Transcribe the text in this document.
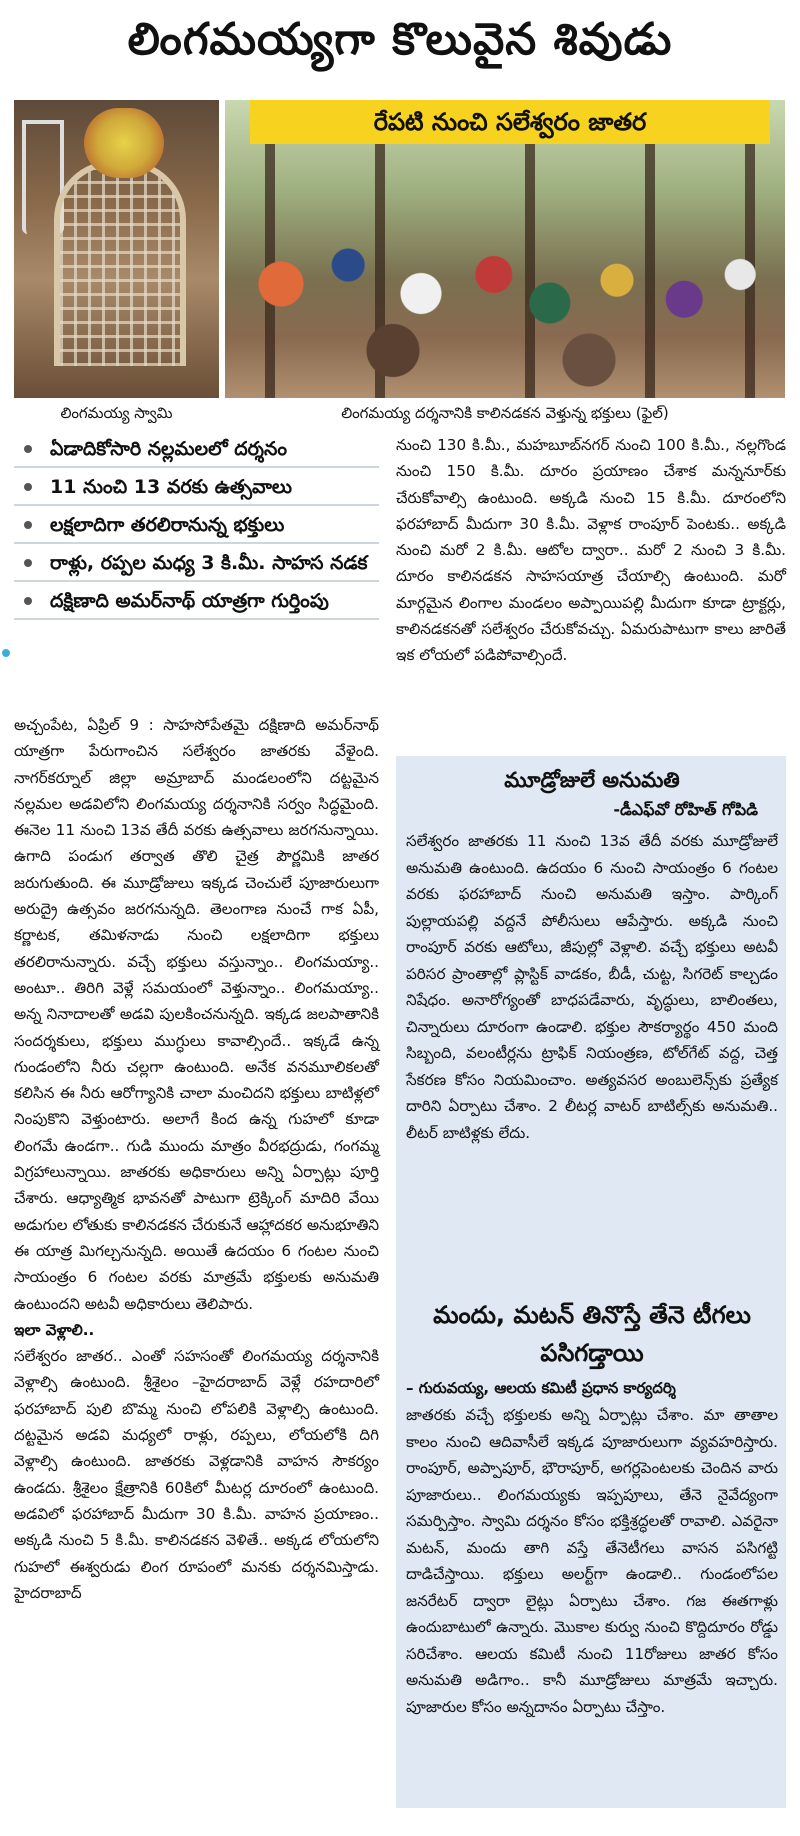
లింగమయ్యగా కొలువైన శివుడు
రేపటి నుంచి సలేశ్వరం జాతర
లింగమయ్య స్వామి	లింగమయ్య దర్శనానికి కాలినడకన వెళ్తున్న భక్తులు (ఫైల్)
ఏడాదికోసారి నల్లమలలో దర్శనం
11 నుంచి 13 వరకు ఉత్సవాలు
లక్షలాదిగా తరలిరానున్న భక్తులు
రాళ్లు, రప్పల మధ్య 3 కి.మీ. సాహస నడక
దక్షిణాది అమర్‌నాథ్ యాత్రగా గుర్తింపు

అచ్చంపేట, ఏప్రిల్ 9 : సాహసోపేతమై దక్షిణాది అమర్‌నాథ్ యాత్రగా పేరుగాంచిన సలేశ్వరం జాతరకు వేళైంది. నాగర్‌కర్నూల్ జిల్లా అమ్రాబాద్ మండలంలోని దట్టమైన నల్లమల అడవిలోని లింగమయ్య దర్శనానికి సర్వం సిద్ధమైంది. ఈనెల 11 నుంచి 13వ తేదీ వరకు ఉత్సవాలు జరగనున్నాయి. ఉగాది పండుగ తర్వాత తొలి చైత్ర పౌర్ణమికి జాతర జరుగుతుంది. ఈ మూడ్రోజులు ఇక్కడ చెంచులే పూజారులుగా అరుద్రై ఉత్సవం జరగనున్నది. తెలంగాణ నుంచే గాక ఏపీ, కర్ణాటక, తమిళనాడు నుంచి లక్షలాదిగా భక్తులు తరలిరానున్నారు. వచ్చే భక్తులు వస్తున్నాం.. లింగమయ్యా.. అంటూ.. తిరిగి వెళ్లే సమయంలో వెళ్తున్నాం.. లింగమయ్యా.. అన్న నినాదాలతో అడవి పులకించనున్నది. ఇక్కడ జలపాతానికి సందర్శకులు, భక్తులు ముగ్ధులు కావాల్సిందే.. ఇక్కడే ఉన్న గుండంలోని నీరు చల్లగా ఉంటుంది. అనేక వనమూలికలతో కలిసిన ఈ నీరు ఆరోగ్యానికి చాలా మంచిదని భక్తులు బాటిళ్లలో నింపుకొని వెళ్తుంటారు. అలాగే కింద ఉన్న గుహలో కూడా లింగమే ఉండగా.. గుడి ముందు మాత్రం వీరభద్రుడు, గంగమ్మ విగ్రహాలున్నాయి. జాతరకు అధికారులు అన్ని ఏర్పాట్లు పూర్తి చేశారు. ఆధ్యాత్మిక భావనతో పాటుగా ట్రెక్కింగ్ మాదిరి వేయి అడుగుల లోతుకు కాలినడకన చేరుకునే ఆహ్లాదకర అనుభూతిని ఈ యాత్ర మిగల్చనున్నది. అయితే ఉదయం 6 గంటల నుంచి సాయంత్రం 6 గంటల వరకు మాత్రమే భక్తులకు అనుమతి ఉంటుందని అటవీ అధికారులు తెలిపారు.

ఇలా వెళ్లాలి..

సలేశ్వరం జాతర.. ఎంతో సహసంతో లింగమయ్య దర్శనానికి వెళ్లాల్సి ఉంటుంది. శ్రీశైలం –హైదరాబాద్ వెళ్లే రహదారిలో ఫరహాబాద్ పులి బొమ్మ నుంచి లోపలికి వెళ్లాల్సి ఉంటుంది. దట్టమైన అడవి మధ్యలో రాళ్లు, రప్పలు, లోయలోకి దిగి వెళ్లాల్సి ఉంటుంది. జాతరకు వెళ్లడానికి వాహన సౌకర్యం ఉండదు. శ్రీశైలం క్షేత్రానికి 60కిలో మీటర్ల దూరంలో ఉంటుంది. అడవిలో ఫరహాబాద్ మీదుగా 30 కి.మీ. వాహన ప్రయాణం.. అక్కడి నుంచి 5 కి.మీ. కాలినడకన వెళితే.. అక్కడ లోయలోని గుహలో ఈశ్వరుడు లింగ రూపంలో మనకు దర్శనమిస్తాడు. హైదరాబాద్

నుంచి 130 కి.మీ., మహబూబ్‌నగర్ నుంచి 100 కి.మీ., నల్లగొండ నుంచి 150 కి.మీ. దూరం ప్రయాణం చేశాక మన్ననూర్‌కు చేరుకోవాల్సి ఉంటుంది. అక్కడి నుంచి 15 కి.మీ. దూరంలోని ఫరహాబాద్ మీదుగా 30 కి.మీ. వెళ్లాక రాంపూర్ పెంటకు.. అక్కడి నుంచి మరో 2 కి.మీ. ఆటోల ద్వారా.. మరో 2 నుంచి 3 కి.మీ. దూరం కాలినడకన సాహసయాత్ర చేయాల్సి ఉంటుంది. మరో మార్గమైన లింగాల మండలం అప్పాయిపల్లి మీదుగా కూడా ట్రాక్టర్లు, కాలినడకనతో సలేశ్వరం చేరుకోవచ్చు. ఏమరుపాటుగా కాలు జారితే ఇక లోయలో పడిపోవాల్సిందే.

మూడ్రోజులే అనుమతి
-డీఎఫ్‌వో రోహిత్ గోపిడి
సలేశ్వరం జాతరకు 11 నుంచి 13వ తేదీ వరకు మూడ్రోజులే అనుమతి ఉంటుంది. ఉదయం 6 నుంచి సాయంత్రం 6 గంటల వరకు ఫరహాబాద్ నుంచి అనుమతి ఇస్తాం. పార్కింగ్ పుల్లాయపల్లి వద్దనే పోలీసులు ఆపేస్తారు. అక్కడి నుంచి రాంపూర్ వరకు ఆటోలు, జీపుల్లో వెళ్లాలి. వచ్చే భక్తులు అటవీ పరిసర ప్రాంతాల్లో ప్లాస్టిక్ వాడకం, బీడీ, చుట్ట, సిగరెట్ కాల్చడం నిషేధం. అనారోగ్యంతో బాధపడేవారు, వృద్ధులు, బాలింతలు, చిన్నారులు దూరంగా ఉండాలి. భక్తుల సౌకర్యార్థం 450 మంది సిబ్బంది, వలంటీర్లను ట్రాఫిక్ నియంత్రణ, టోల్‌గేట్ వద్ద, చెత్త సేకరణ కోసం నియమించాం. అత్యవసర అంబులెన్స్‌కు ప్రత్యేక దారిని ఏర్పాటు చేశాం. 2 లీటర్ల వాటర్ బాటిల్స్‌కు అనుమతి.. లీటర్ బాటిళ్లకు లేదు.
మందు, మటన్ తినొస్తే తేనె టీగలు పసిగడ్తాయి
– గురువయ్య, ఆలయ కమిటీ ప్రధాన కార్యదర్శి
జాతరకు వచ్చే భక్తులకు అన్ని ఏర్పాట్లు చేశాం. మా తాతాల కాలం నుంచి ఆదివాసీలే ఇక్కడ పూజారులుగా వ్యవహరిస్తారు. రాంపూర్, అప్పాపూర్, భౌరాపూర్, అగర్లపెంటలకు చెందిన వారు పూజారులు.. లింగమయ్యకు ఇప్పపూలు, తేనె నైవేద్యంగా సమర్పిస్తాం. స్వామి దర్శనం కోసం భక్తిశ్రద్ధలతో రావాలి. ఎవరైనా మటన్, మందు తాగి వస్తే తేనెటీగలు వాసన పసిగట్టి దాడిచేస్తాయి. భక్తులు అలర్ట్‌గా ఉండాలి.. గుండంలోపల జనరేటర్ ద్వారా లైట్లు ఏర్పాటు చేశాం. గజ ఈతగాళ్లు ఉందుబాటులో ఉన్నారు. మొకాల కుర్వు నుంచి కొద్దిదూరం రోడ్డు సరిచేశాం. ఆలయ కమిటీ నుంచి 11రోజులు జాతర కోసం అనుమతి అడిగాం.. కానీ మూడ్రోజులు మాత్రమే ఇచ్చారు. పూజారుల కోసం అన్నదానం ఏర్పాటు చేస్తాం.
